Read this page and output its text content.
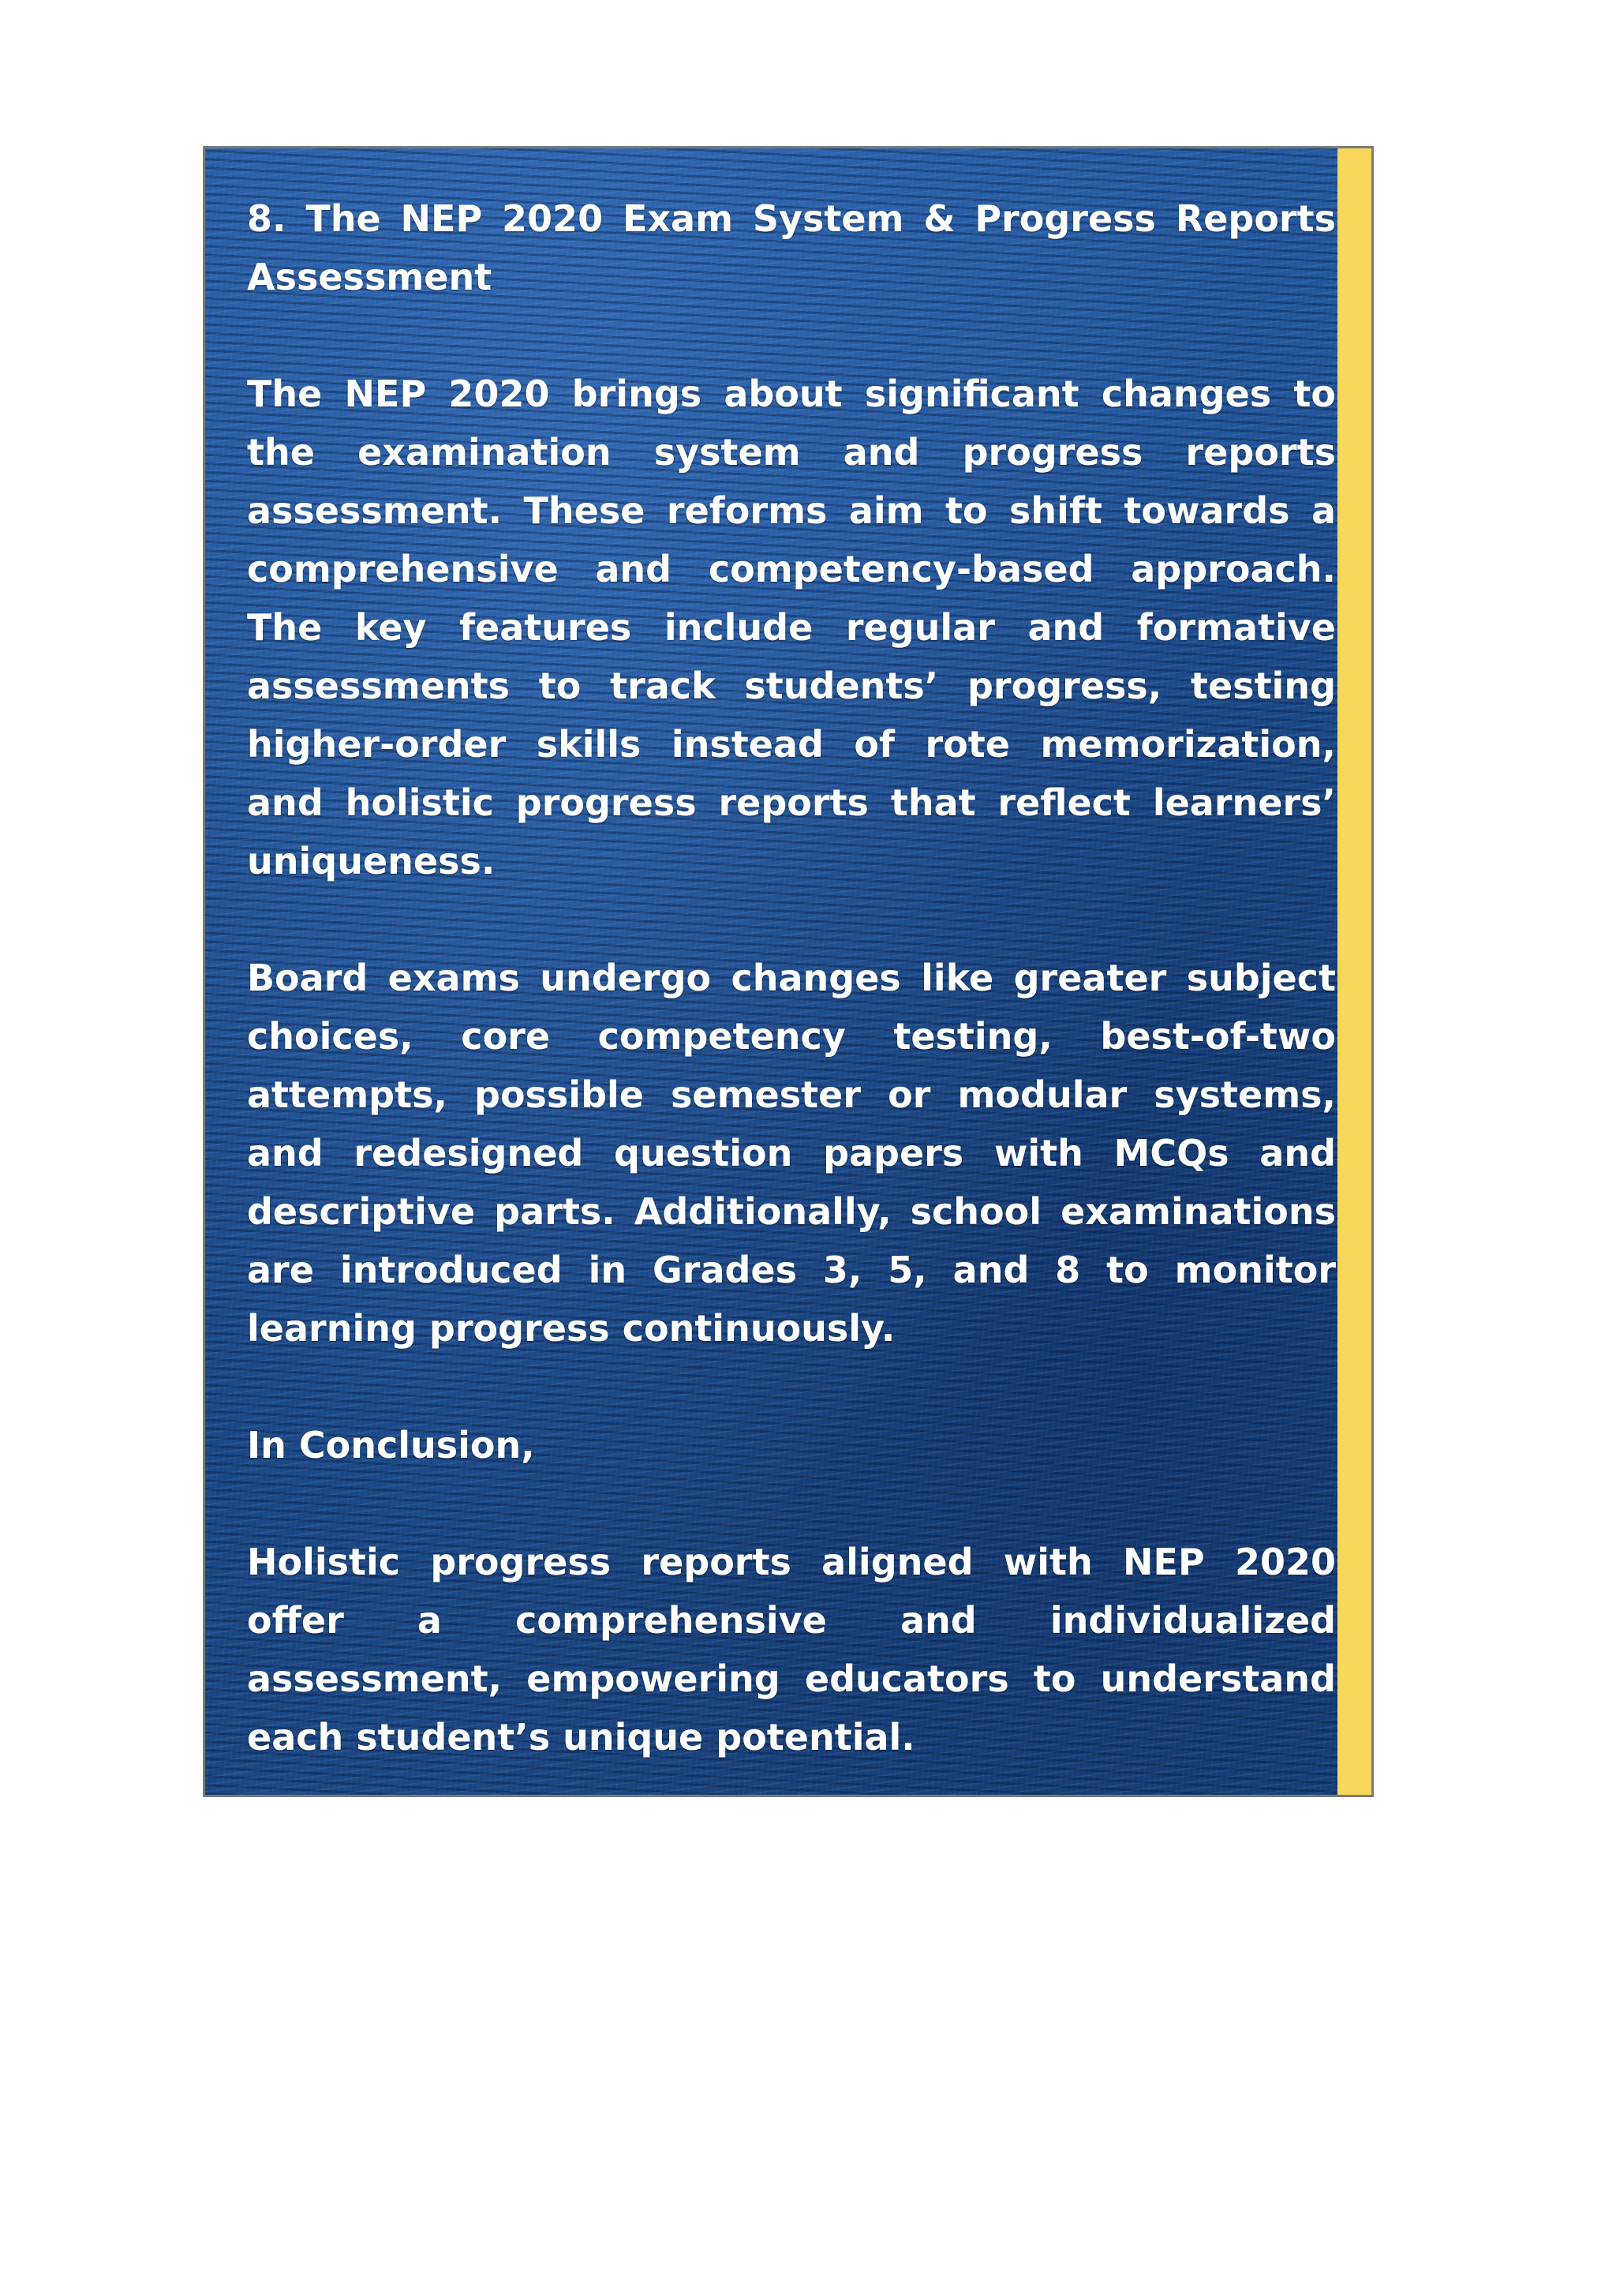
8. The NEP 2020 Exam System & Progress Reports Assessment

The NEP 2020 brings about significant changes to the examination system and progress reports assessment. These reforms aim to shift towards a comprehensive and competency-based approach. The key features include regular and formative assessments to track students’ progress, testing higher-order skills instead of rote memorization, and holistic progress reports that reflect learners’ uniqueness.

Board exams undergo changes like greater subject choices, core competency testing, best-of-two attempts, possible semester or modular systems, and redesigned question papers with MCQs and descriptive parts. Additionally, school examinations are introduced in Grades 3, 5, and 8 to monitor learning progress continuously.

In Conclusion,

Holistic progress reports aligned with NEP 2020 offer a comprehensive and individualized assessment, empowering educators to understand each student’s unique potential.
